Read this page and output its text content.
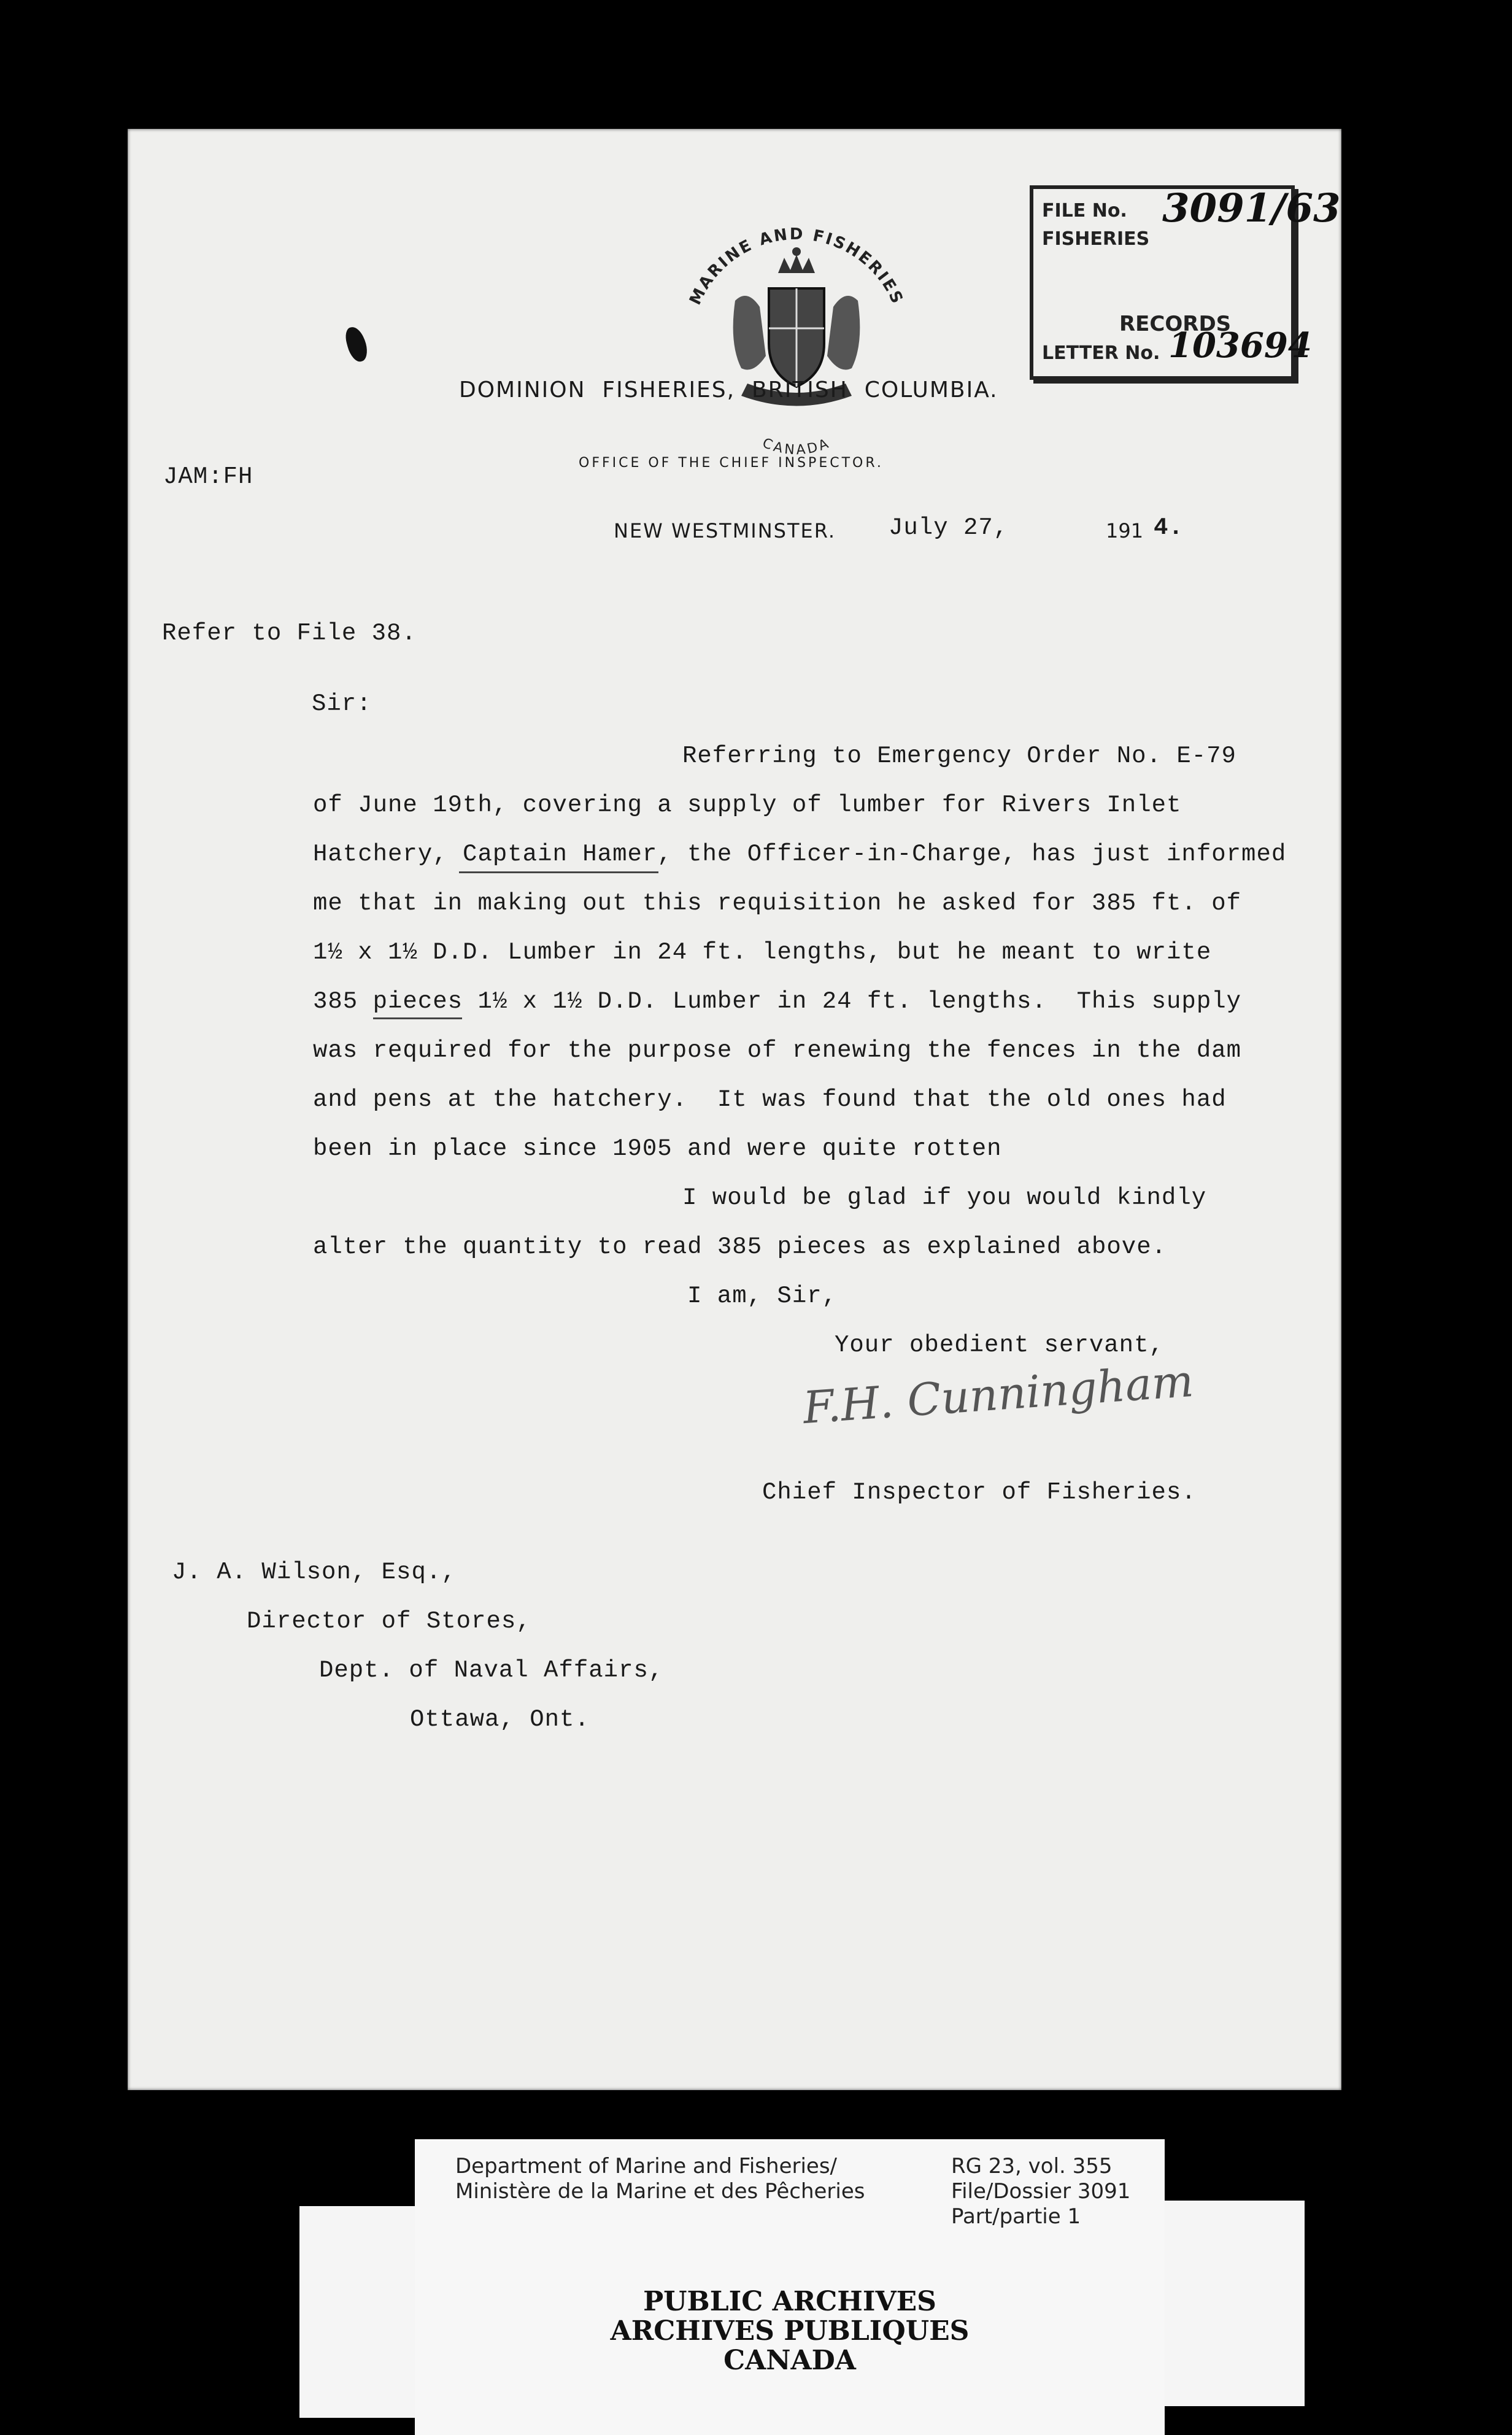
MARINE AND FISHERIES
CANADA
FILE No. 3091/63
FISHERIES
RECORDS
LETTER No. 103694
DOMINION  FISHERIES,  BRITISH  COLUMBIA.
OFFICE OF THE CHIEF INSPECTOR.
JAM:FH
NEW WESTMINSTER. July 27,	191 4.
Refer to File 38.
Sir:
Referring to Emergency Order No. E-79
of June 19th, covering a supply of lumber for Rivers Inlet
Hatchery, Captain Hamer, the Officer-in-Charge, has just informed
me that in making out this requisition he asked for 385 ft. of
1½ x 1½ D.D. Lumber in 24 ft. lengths, but he meant to write
385 pieces 1½ x 1½ D.D. Lumber in 24 ft. lengths.  This supply
was required for the purpose of renewing the fences in the dam
and pens at the hatchery.  It was found that the old ones had
been in place since 1905 and were quite rotten
I would be glad if you would kindly
alter the quantity to read 385 pieces as explained above.
I am, Sir,
Your obedient servant,
F.H. Cunningham
Chief Inspector of Fisheries.
J. A. Wilson, Esq.,
Director of Stores,
Dept. of Naval Affairs,
Ottawa, Ont.
Department of Marine and Fisheries/
Ministère de la Marine et des Pêcheries
RG 23, vol. 355
File/Dossier 3091
Part/partie 1
PUBLIC ARCHIVES
ARCHIVES PUBLIQUES
CANADA
